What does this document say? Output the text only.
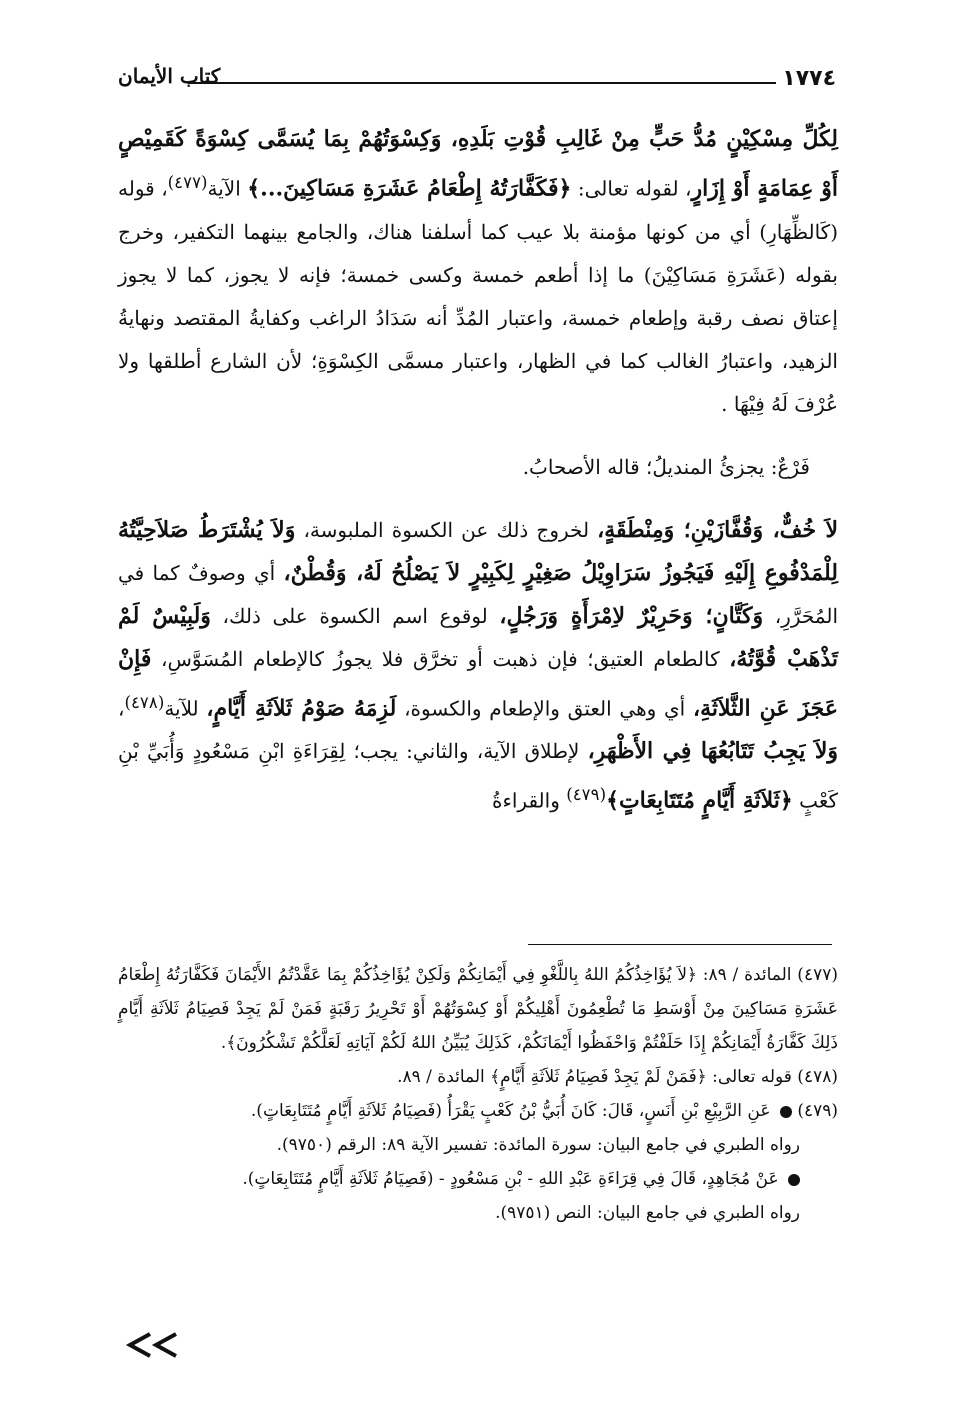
١٧٧٤
كتاب الأيمان

لِكُلِّ مِسْكِيْنٍ مُدُّ حَبٍّ مِنْ غَالِبِ قُوْتِ بَلَدِهِ، وَكِسْوَتُهُمْ بِمَا يُسَمَّى كِسْوَةً كَقَمِيْصٍ أَوْ عِمَامَةٍ أَوْ إِزَارٍ، لقوله تعالى: ﴿فَكَفَّارَتُهُ إِطْعَامُ عَشَرَةِ مَسَاكِينَ...﴾ الآية$^{(٤٧٧)}$، قوله (كَالظِّهَارِ) أي من كونها مؤمنة بلا عيب كما أسلفنا هناك، والجامع بينهما التكفير، وخرج بقوله (عَشَرَةِ مَسَاكِيْنَ) ما إذا أطعم خمسة وكسى خمسة؛ فإنه لا يجوز، كما لا يجوز إعتاق نصف رقبة وإطعام خمسة، واعتبار المُدِّ أنه سَدَادُ الراغب وكفايةُ المقتصد ونهايةُ الزهيد، واعتبارُ الغالب كما في الظهار، واعتبار مسمَّى الكِسْوَةِ؛ لأن الشارع أطلقها ولا عُرْفَ لَهُ فِيْهَا .

فَرْعٌ: يجزئُ المنديلُ؛ قاله الأصحابُ.

لاَ خُفٌّ، وَقُفَّازَيْنِ؛ وَمِنْطَقَةٍ، لخروج ذلك عن الكسوة الملبوسة، وَلاَ يُشْتَرَطُ صَلاَحِيَّتُهُ لِلْمَدْفُوعِ إِلَيْهِ فَيَجُوزُ سَرَاوِيْلُ صَغِيْرٍ لِكَبِيْرٍ لاَ يَصْلُحُ لَهُ، وَقُطْنٌ، أي وصوفٌ كما في المُحَرَّرِ، وَكَتَّانٍ؛ وَحَرِيْرٌ لاِمْرَأَةٍ وَرَجُلٍ، لوقوع اسم الكسوة على ذلك، وَلَبِيْسٌ لَمْ تَذْهَبْ قُوَّتُهُ، كالطعام العتيق؛ فإن ذهبت أو تخرَّق فلا يجوزُ كالإطعام المُسَوَّسِ، فَإِنْ عَجَزَ عَنِ الثَّلاَثَةِ، أي وهي العتق والإطعام والكسوة، لَزِمَهُ صَوْمُ ثَلاَثَةِ أَيَّامٍ، للآية$^{(٤٧٨)}$، وَلاَ يَجِبُ تَتَابُعُهَا فِي الأَظْهَرِ، لإطلاق الآية، والثاني: يجب؛ لِقِرَاءَةِ ابْنِ مَسْعُودٍ وَأُبَيِّ بْنِ كَعْبٍ ﴿ثَلاَثَةِ أَيَّامٍ مُتَتَابِعَاتٍ﴾$^{(٤٧٩)}$ والقراءةُ

(٤٧٧) المائدة / ٨٩: ﴿لاَ يُؤَاخِذُكُمُ اللهُ بِاللَّغْوِ فِي أَيْمَانِكُمْ وَلَكِنْ يُؤَاخِذُكُمْ بِمَا عَقَّدْتُمُ الأَيْمَانَ فَكَفَّارَتُهُ إِطْعَامُ عَشَرَةِ مَسَاكِينَ مِنْ أَوْسَطِ مَا تُطْعِمُونَ أَهْلِيكُمْ أَوْ كِسْوَتُهُمْ أَوْ تَحْرِيرُ رَقَبَةٍ فَمَنْ لَمْ يَجِدْ فَصِيَامُ ثَلاَثَةِ أَيَّامٍ ذَلِكَ كَفَّارَةُ أَيْمَانِكُمْ إِذَا حَلَفْتُمْ وَاحْفَظُوا أَيْمَانَكُمْ، كَذَلِكَ يُبَيِّنُ اللهُ لَكُمْ آيَاتِهِ لَعَلَّكُمْ تَشْكُرُونَ﴾.

(٤٧٨) قوله تعالى: ﴿فَمَنْ لَمْ يَجِدْ فَصِيَامُ ثَلاَثَةِ أَيَّامٍ﴾ المائدة / ٨٩.

(٤٧٩)  عَنِ الرَّبِيْعِ بْنِ أَنَسٍ، قَالَ: كَانَ أُبَيُّ بْنُ كَعْبٍ يَقْرَأُ (فَصِيَامُ ثَلاَثَةِ أَيَّامٍ مُتَتَابِعَاتٍ).

رواه الطبري في جامع البيان: سورة المائدة: تفسير الآية ٨٩: الرقم (٩٧٥٠).

عَنْ مُجَاهِدٍ، قَالَ فِي قِرَاءَةِ عَبْدِ اللهِ - بْنِ مَسْعُودٍ - (فَصِيَامُ ثَلاَثَةِ أَيَّامٍ مُتَتَابِعَاتٍ).

رواه الطبري في جامع البيان: النص (٩٧٥١).
